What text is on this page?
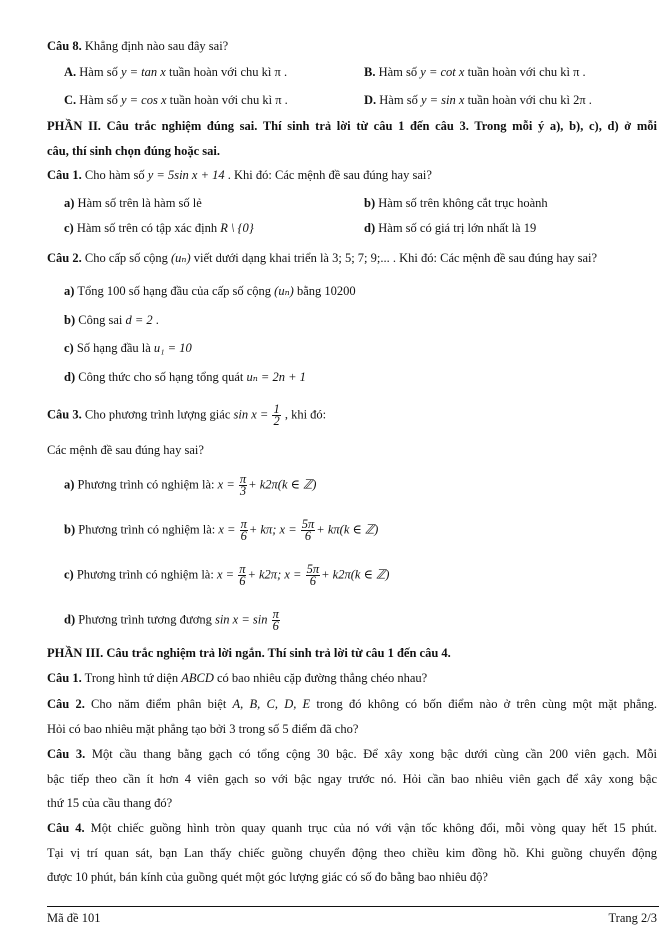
Câu 8. Khẳng định nào sau đây sai?
A. Hàm số y = tan x tuần hoàn với chu kì π .	B. Hàm số y = cot x tuần hoàn với chu kì π .
C. Hàm số y = cos x tuần hoàn với chu kì π .	D. Hàm số y = sin x tuần hoàn với chu kì 2π .
PHẦN II. Câu trắc nghiệm đúng sai. Thí sinh trả lời từ câu 1 đến câu 3. Trong mỗi ý a), b), c), d) ở mỗi
câu, thí sinh chọn đúng hoặc sai.
Câu 1. Cho hàm số y = 5sin x + 14 . Khi đó: Các mệnh đề sau đúng hay sai?
a) Hàm số trên là hàm số lẻ	b) Hàm số trên không cắt trục hoành
c) Hàm số trên có tập xác định R \ {0}	d) Hàm số có giá trị lớn nhất là 19
Câu 2. Cho cấp số cộng (uₙ) viết dưới dạng khai triển là 3; 5; 7; 9;... . Khi đó: Các mệnh đề sau đúng hay sai?
a) Tổng 100 số hạng đầu của cấp số cộng (uₙ) bằng 10200
b) Công sai d = 2 .
c) Số hạng đầu là u₁ = 10
d) Công thức cho số hạng tổng quát uₙ = 2n + 1
Câu 3. Cho phương trình lượng giác $\sin x = \frac{1}{2}$ , khi đó:
Các mệnh đề sau đúng hay sai?
a) Phương trình có nghiệm là: $x = \frac{\pi}{3} + k2\pi(k$ ∈ ℤ)
b) Phương trình có nghiệm là: $x = \frac{\pi}{6} + k\pi$; $x = \frac{5\pi}{6} + k\pi(k$ ∈ ℤ)
c) Phương trình có nghiệm là: $x = \frac{\pi}{6} + k2\pi$; $x = \frac{5\pi}{6} + k2\pi(k$ ∈ ℤ)
d) Phương trình tương đương $\sin x = \sin \frac{\pi}{6}$
PHẦN III. Câu trắc nghiệm trả lời ngắn. Thí sinh trả lời từ câu 1 đến câu 4.
Câu 1. Trong hình tứ diện ABCD có bao nhiêu cặp đường thẳng chéo nhau?
Câu 2. Cho năm điểm phân biệt A, B, C, D, E trong đó không có bốn điểm nào ở trên cùng một mặt phẳng.
Hỏi có bao nhiêu mặt phẳng tạo bởi 3 trong số 5 điểm đã cho?
Câu 3. Một cầu thang bằng gạch có tổng cộng 30 bậc. Để xây xong bậc dưới cùng cần 200 viên gạch. Mỗi
bậc tiếp theo cần ít hơn 4 viên gạch so với bậc ngay trước nó. Hỏi cần bao nhiêu viên gạch để xây xong bậc
thứ 15 của cầu thang đó?
Câu 4. Một chiếc guồng hình tròn quay quanh trục của nó với vận tốc không đổi, mỗi vòng quay hết 15 phút.
Tại vị trí quan sát, bạn Lan thấy chiếc guồng chuyển động theo chiều kim đồng hồ. Khi guồng chuyển động
được 10 phút, bán kính của guồng quét một góc lượng giác có số đo bằng bao nhiêu độ?
Mã đề 101	Trang 2/3
